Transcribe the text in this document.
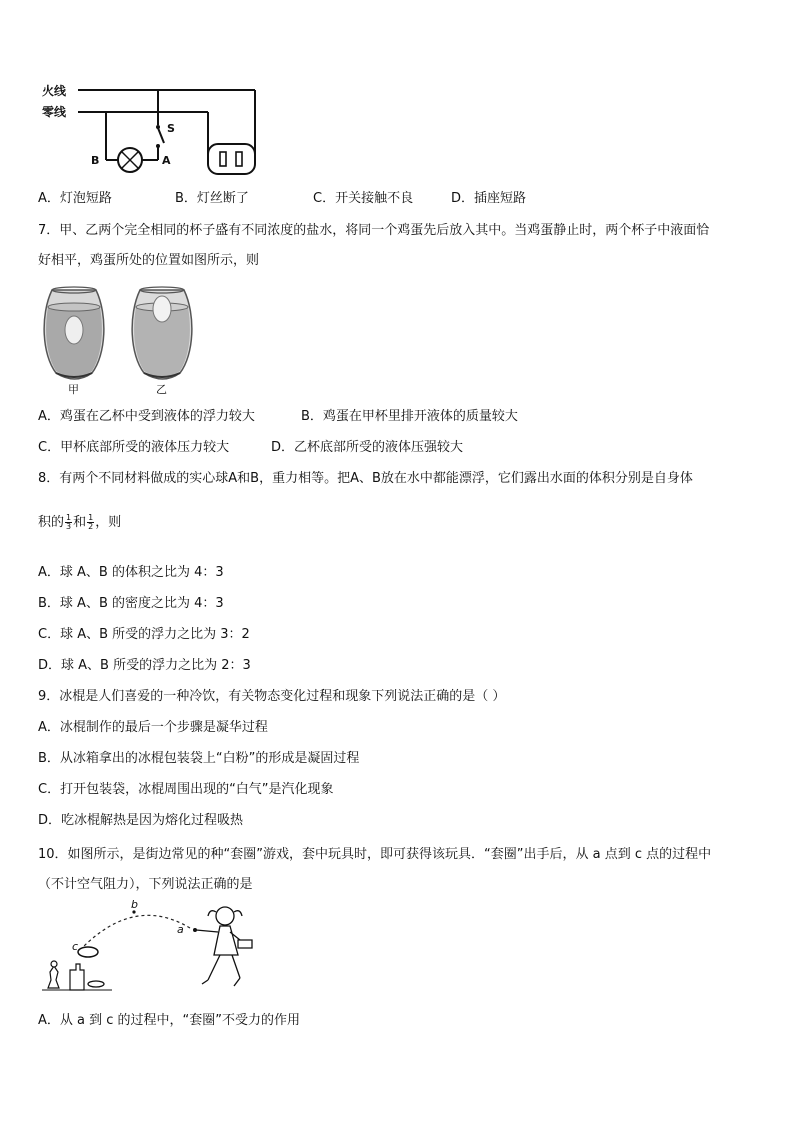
火线
零线
S
B	A
A．灯泡短路	B．灯丝断了	C．开关接触不良	D．插座短路
7．甲、乙两个完全相同的杯子盛有不同浓度的盐水，将同一个鸡蛋先后放入其中。当鸡蛋静止时，两个杯子中液面恰
好相平，鸡蛋所处的位置如图所示，则
甲	乙
A．鸡蛋在乙杯中受到液体的浮力较大	B．鸡蛋在甲杯里排开液体的质量较大
C．甲杯底部所受的液体压力较大	D．乙杯底部所受的液体压强较大
8．有两个不同材料做成的实心球A和B，重力相等。把A、B放在水中都能漂浮，它们露出水面的体积分别是自身体
积的 $\frac{1}{3}$ 和 $\frac{1}{2}$ ，则
A．球 A、B 的体积之比为 4：3
B．球 A、B 的密度之比为 4：3
C．球 A、B 所受的浮力之比为 3：2
D．球 A、B 所受的浮力之比为 2：3
9．冰棍是人们喜爱的一种冷饮，有关物态变化过程和现象下列说法正确的是（ ）
A．冰棍制作的最后一个步骤是凝华过程
B．从冰箱拿出的冰棍包装袋上“白粉”的形成是凝固过程
C．打开包装袋，冰棍周围出现的“白气”是汽化现象
D．吃冰棍解热是因为熔化过程吸热
10．如图所示，是街边常见的种“套圈”游戏，套中玩具时，即可获得该玩具．“套圈”出手后，从 a 点到 c 点的过程中
（不计空气阻力），下列说法正确的是
a
b
c
A．从 a 到 c 的过程中，“套圈”不受力的作用
